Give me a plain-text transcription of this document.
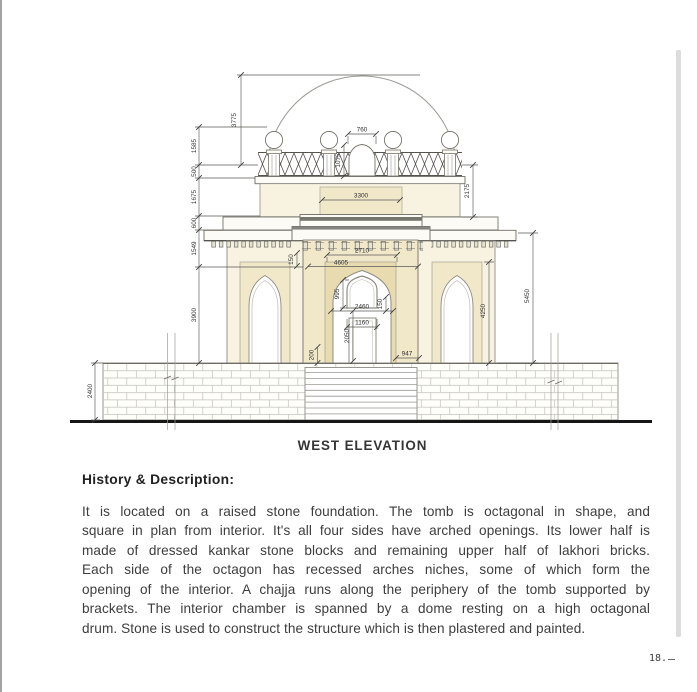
3775
1585
500
1675
600
1549
3900
2400
760
1075
3300	2175
2710
4605
150
995
150
2460
1160
2050
200	947
5450
4250
WEST ELEVATION
History & Description:
It is located on a raised stone foundation. The tomb is octagonal in shape, and
square in plan from interior. It's all four sides have arched openings. Its lower half is
made of dressed kankar stone blocks and remaining upper half of lakhori bricks.
Each side of the octagon has recessed arches niches, some of which form the
opening of the interior. A chajja runs along the periphery of the tomb supported by
brackets. The interior chamber is spanned by a dome resting on a high octagonal
drum. Stone is used to construct the structure which is then plastered and painted.
18.
